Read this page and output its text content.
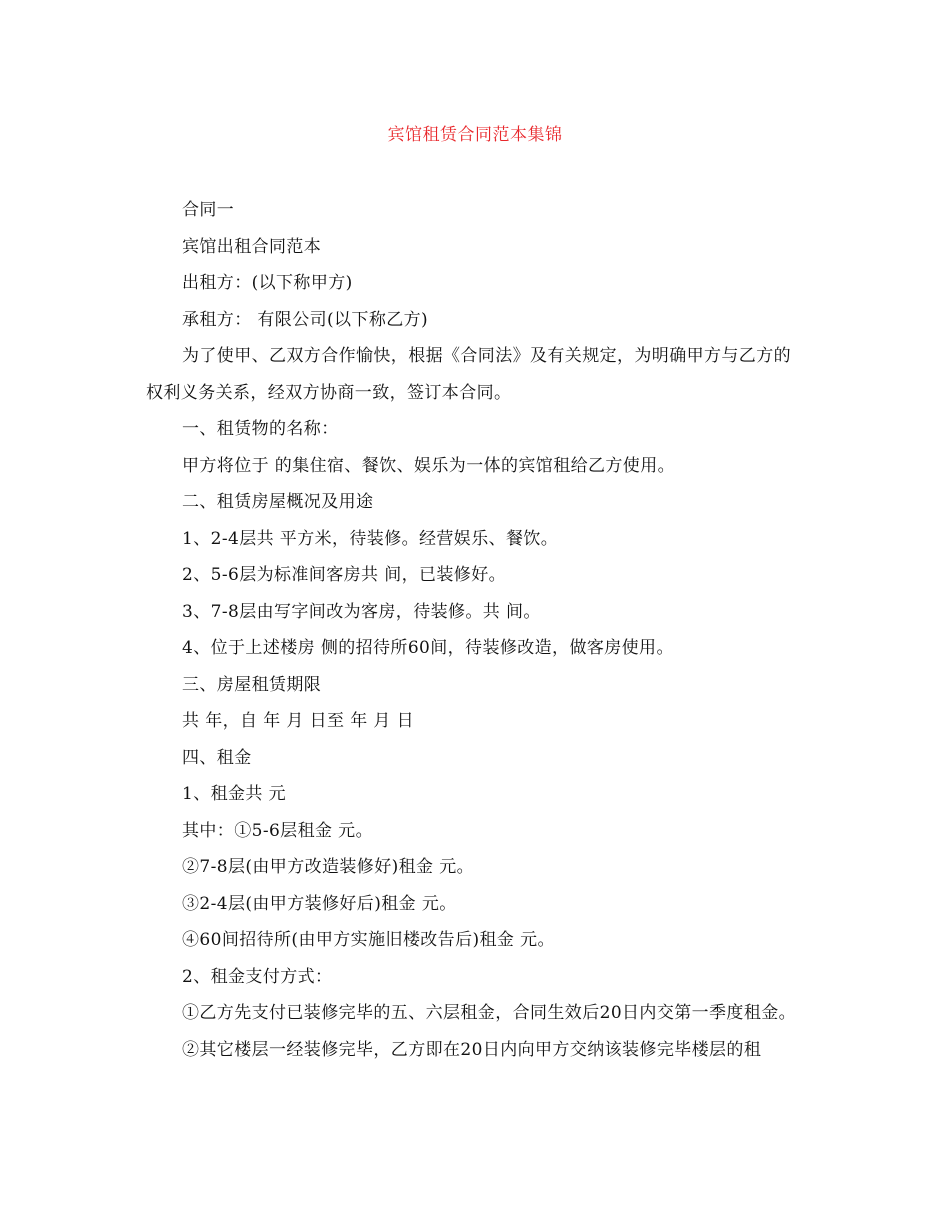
宾馆租赁合同范本集锦

合同一

宾馆出租合同范本

出租方：(以下称甲方)

承租方： 有限公司(以下称乙方)

为了使甲、乙双方合作愉快，根据《合同法》及有关规定，为明确甲方与乙方的权利义务关系，经双方协商一致，签订本合同。

一、租赁物的名称：

甲方将位于 的集住宿、餐饮、娱乐为一体的宾馆租给乙方使用。

二、租赁房屋概况及用途

1、2-4层共 平方米，待装修。经营娱乐、餐饮。

2、5-6层为标准间客房共 间，已装修好。

3、7-8层由写字间改为客房，待装修。共 间。

4、位于上述楼房 侧的招待所60间，待装修改造，做客房使用。

三、房屋租赁期限

共 年，自 年 月 日至 年 月 日

四、租金

1、租金共 元

其中：①5-6层租金 元。

②7-8层(由甲方改造装修好)租金 元。

③2-4层(由甲方装修好后)租金 元。

④60间招待所(由甲方实施旧楼改告后)租金 元。

2、租金支付方式：

①乙方先支付已装修完毕的五、六层租金，合同生效后20日内交第一季度租金。

②其它楼层一经装修完毕，乙方即在20日内向甲方交纳该装修完毕楼层的租
